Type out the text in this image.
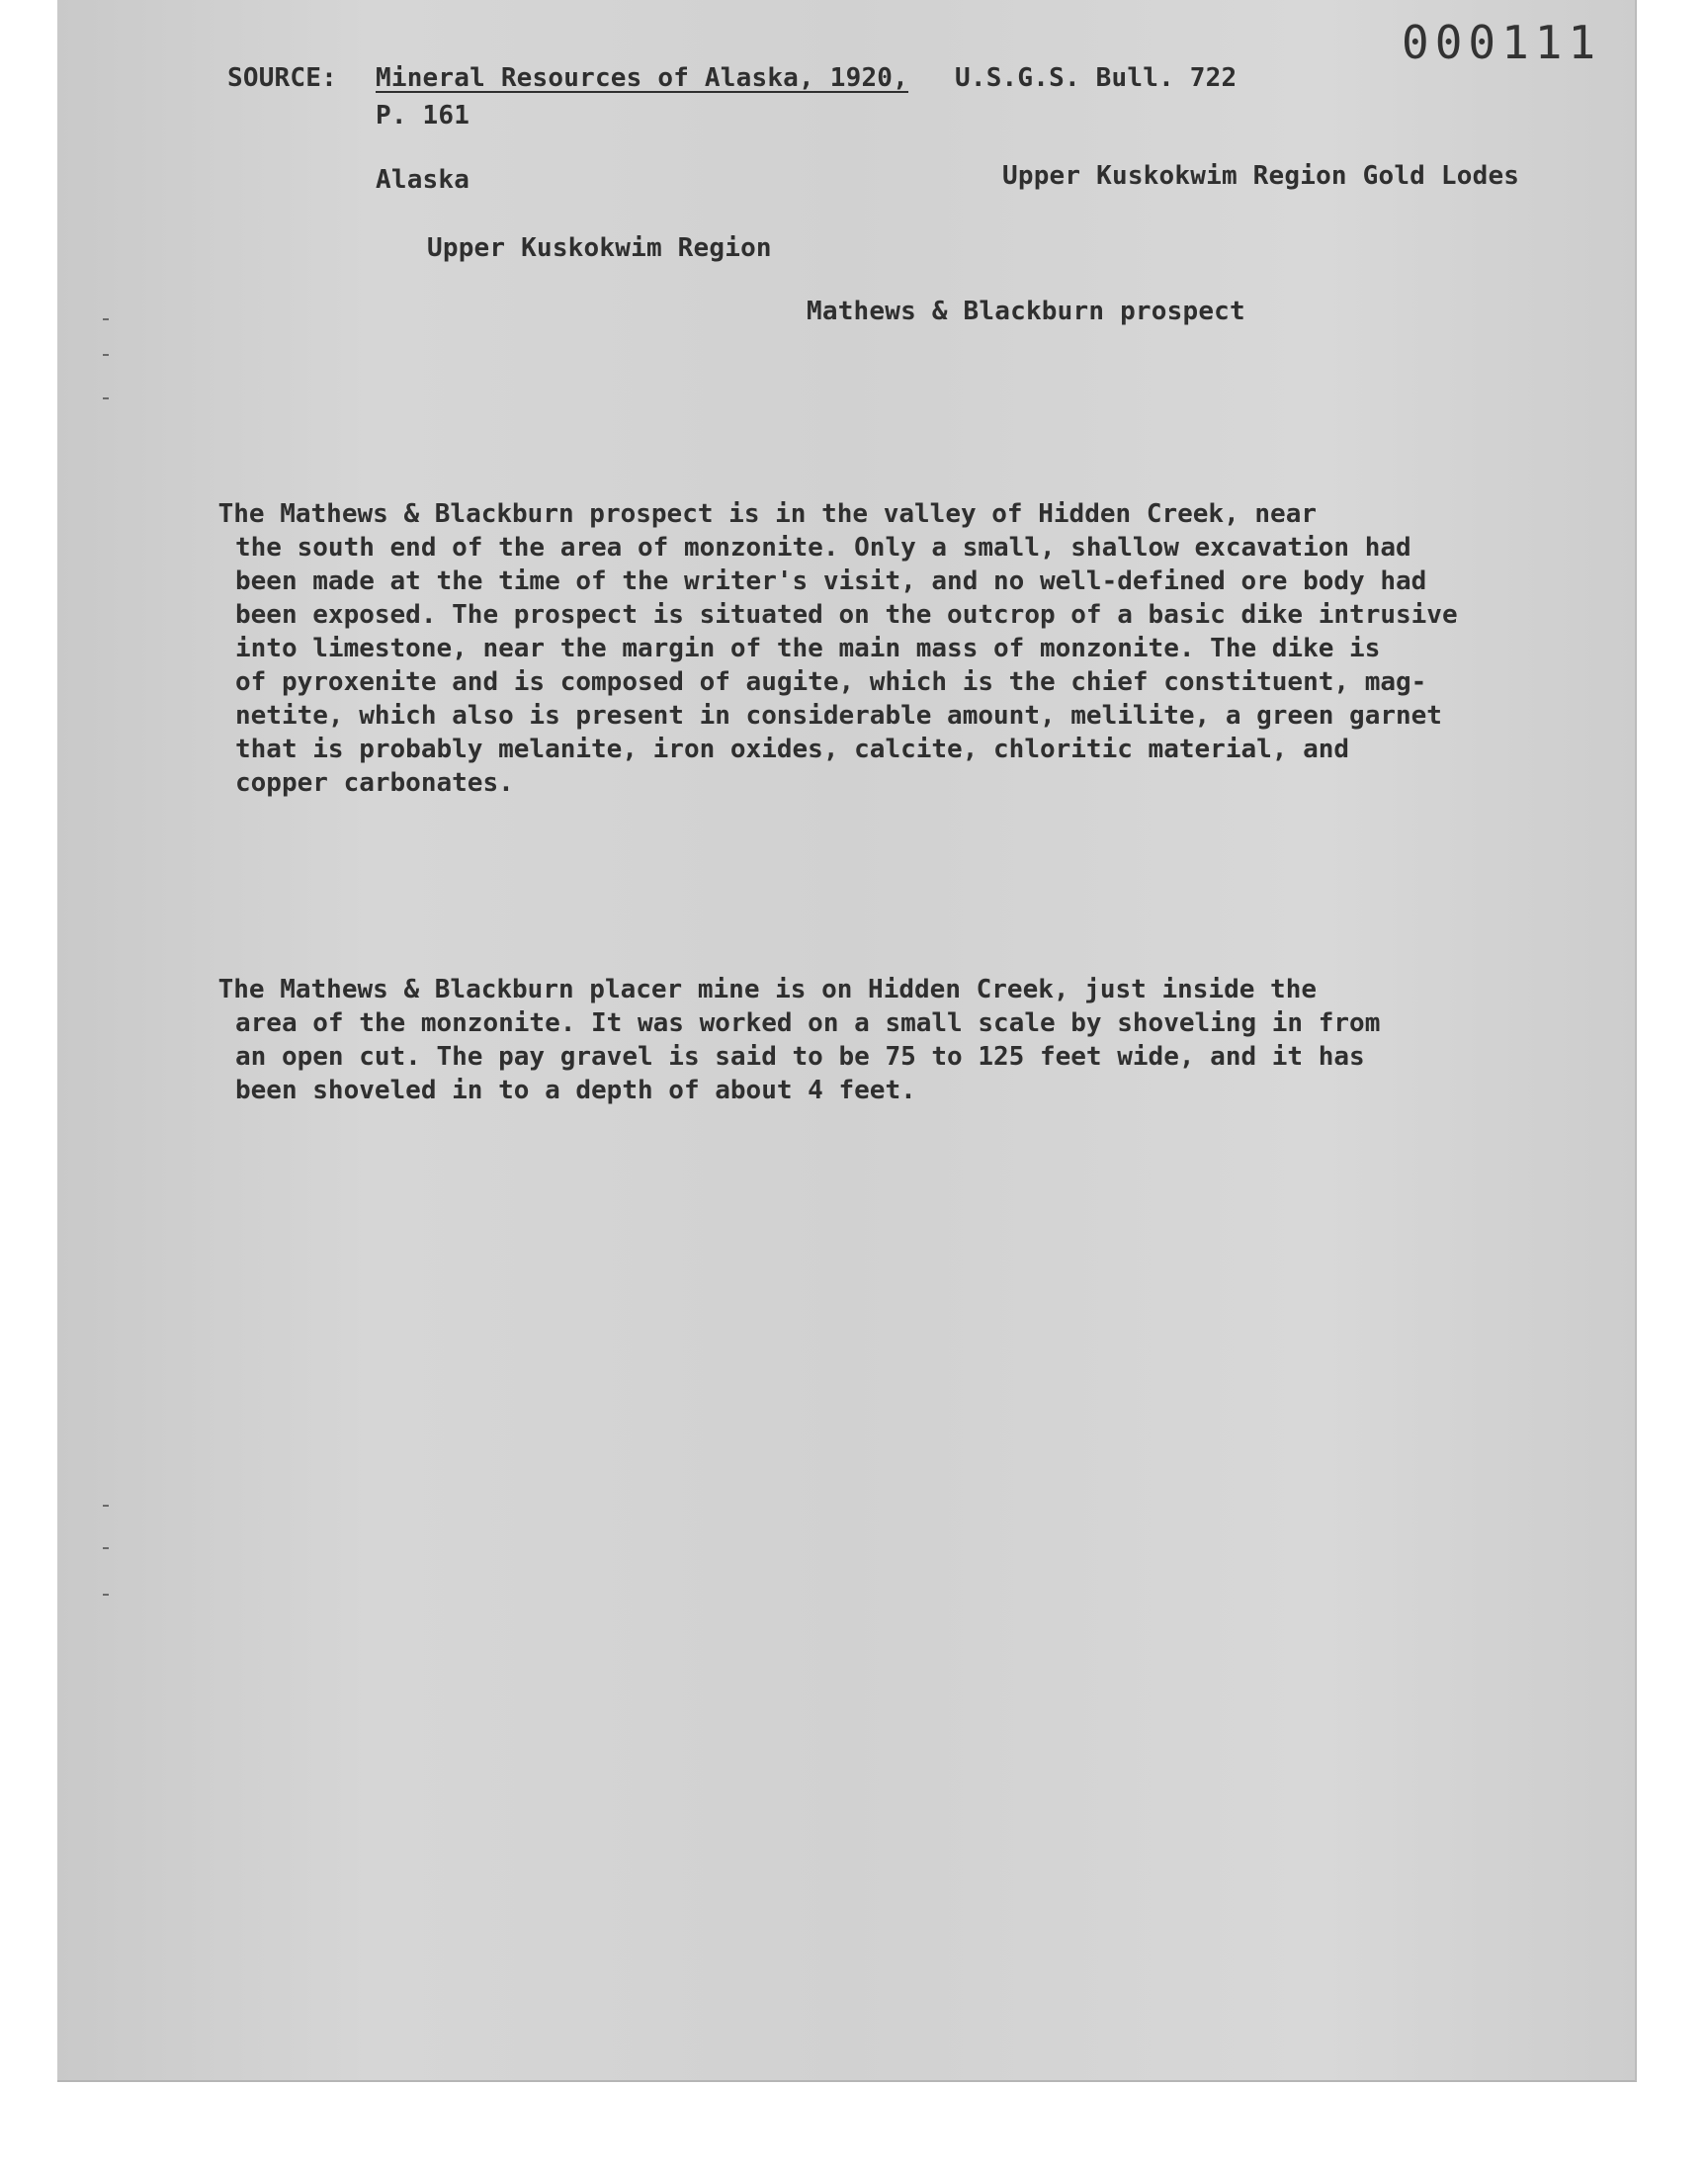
000111
SOURCE: Mineral Resources of Alaska, 1920, U.S.G.S. Bull. 722
P. 161
Alaska	Upper Kuskokwim Region Gold Lodes
Upper Kuskokwim Region
Mathews & Blackburn prospect
The Mathews & Blackburn prospect is in the valley of Hidden Creek, near
the south end of the area of monzonite. Only a small, shallow excavation had
been made at the time of the writer's visit, and no well-defined ore body had
been exposed. The prospect is situated on the outcrop of a basic dike intrusive
into limestone, near the margin of the main mass of monzonite. The dike is
of pyroxenite and is composed of augite, which is the chief constituent, mag-
netite, which also is present in considerable amount, melilite, a green garnet
that is probably melanite, iron oxides, calcite, chloritic material, and
copper carbonates.
The Mathews & Blackburn placer mine is on Hidden Creek, just inside the
area of the monzonite. It was worked on a small scale by shoveling in from
an open cut. The pay gravel is said to be 75 to 125 feet wide, and it has
been shoveled in to a depth of about 4 feet.
